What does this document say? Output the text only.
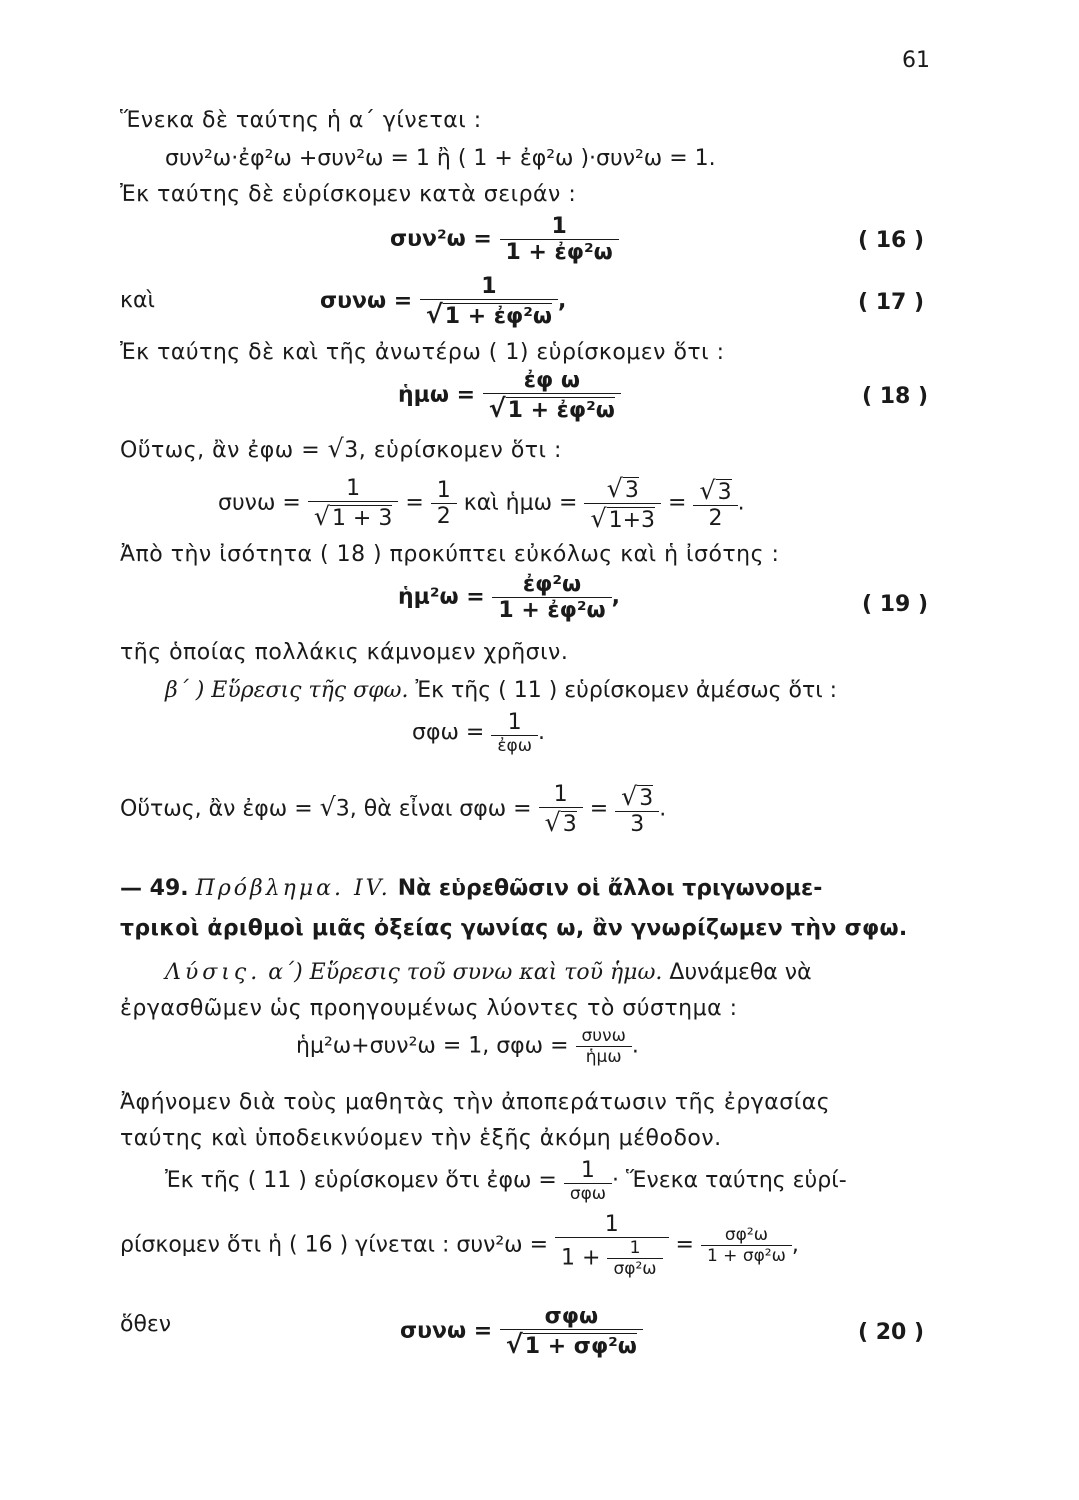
61
Ἕνεκα δὲ ταύτης ἡ α΄ γίνεται :
συν²ω·ἐφ²ω +συν²ω = 1 ἢ ( 1 + ἐφ²ω )·συν²ω = 1.
Ἐκ ταύτης δὲ εὑρίσκομεν κατὰ σειράν :
$\sigma\upsilon\nu^2\omega = \frac{1}{\text{1 + ἐφ²ω}}$	( 16 )
καὶ	$\sigma\upsilon\nu\omega = \frac{1}{\text{√1 + ἐφ²ω}}$ ,	( 17 )
Ἐκ ταύτης δὲ καὶ τῆς ἀνωτέρω ( 1) εὑρίσκομεν ὅτι :
ἡμω = $\frac{\text{ἐφ ω}}{\text{√1 + ἐφ²ω}}$	( 18 )
Οὕτως, ἂν ἐφω = √3, εὑρίσκομεν ὅτι :
$\sigma\upsilon\nu\omega = \frac{1}{√1 + 3} = \frac{1}{2}$ καὶ ἡμω = $\frac{√3}{√1+3} = \frac{√3}{2}$ .
Ἀπὸ τὴν ἰσότητα ( 18 ) προκύπτει εὐκόλως καὶ ἡ ἰσότης :
ἡμ²ω = $\frac{\text{ἐφ²ω}}{\text{1 + ἐφ²ω}}$ ,	( 19 )
τῆς ὁποίας πολλάκις κάμνομεν χρῆσιν.
β΄ ) Εὕρεσις τῆς σφω. Ἐκ τῆς ( 11 ) εὑρίσκομεν ἀμέσως ὅτι :
$\sigma\varphi\omega = \frac{1}{\text{ἐφω}}$ .
Οὕτως, ἂν ἐφω = √3, θὰ εἶναι $\sigma\varphi\omega = \frac{1}{√3} = \frac{√3}{3}$ .
— 49. Πρόβλημα. IV. Νὰ εὑρεθῶσιν οἱ ἄλλοι τριγωνομε-
τρικοὶ ἀριθμοὶ μιᾶς ὀξείας γωνίας ω, ἂν γνωρίζωμεν τὴν σφω.
Λύσις. α΄) Εὕρεσις τοῦ συνω καὶ τοῦ ἡμω. Δυνάμεθα νὰ
ἐργασθῶμεν ὡς προηγουμένως λύοντες τὸ σύστημα :
ἡμ²ω+συν²ω = 1, $\sigma\varphi\omega = \frac{\text{συνω}}{\text{ἡμω}}$ .
Ἀφήνομεν διὰ τοὺς μαθητὰς τὴν ἀποπεράτωσιν τῆς ἐργασίας
ταύτης καὶ ὑποδεικνύομεν τὴν ἑξῆς ἀκόμη μέθοδον.
Ἐκ τῆς ( 11 ) εὑρίσκομεν ὅτι ἐφω = $\frac{1}{\text{σφω}}$ · Ἕνεκα ταύτης εὑρί-
ρίσκομεν ὅτι ἡ ( 16 ) γίνεται : $\sigma\upsilon\nu^2\omega = \frac{1}{1 + \frac{1}{\text{σφ²ω}}} = \frac{\text{σφ²ω}}{\text{1 + σφ²ω}}$ ,
ὅθεν	$\sigma\upsilon\nu\omega = \frac{\text{σφω}}{\text{√1 + σφ²ω}}$	( 20 )
